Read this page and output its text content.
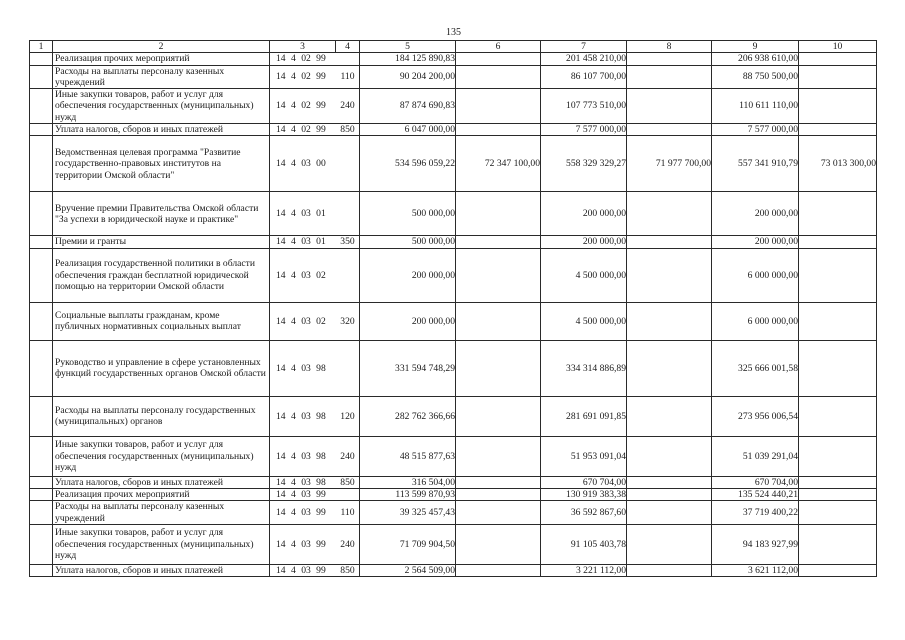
135
1	2	3	4	5	6	7	8	9	10
	Реализация прочих мероприятий	14 4 02 99		184 125 890,83		201 458 210,00		206 938 610,00	
	Расходы на выплаты персоналу казенных учреждений	14 4 02 99	110	90 204 200,00		86 107 700,00		88 750 500,00	
	Иные закупки товаров, работ и услуг для обеспечения государственных (муниципальных) нужд	14 4 02 99	240	87 874 690,83		107 773 510,00		110 611 110,00	
	Уплата налогов, сборов и иных платежей	14 4 02 99	850	6 047 000,00		7 577 000,00		7 577 000,00	
	Ведомственная целевая программа "Развитие государственно-правовых институтов на территории Омской области"	14 4 03 00		534 596 059,22	72 347 100,00	558 329 329,27	71 977 700,00	557 341 910,79	73 013 300,00
	Вручение премии Правительства Омской области "За успехи в юридической науке и практике"	14 4 03 01		500 000,00		200 000,00		200 000,00	
	Премии и гранты	14 4 03 01	350	500 000,00		200 000,00		200 000,00	
	Реализация государственной политики в области обеспечения граждан бесплатной юридической помощью на территории Омской области	14 4 03 02		200 000,00		4 500 000,00		6 000 000,00	
	Социальные выплаты гражданам, кроме публичных нормативных социальных выплат	14 4 03 02	320	200 000,00		4 500 000,00		6 000 000,00	
	Руководство и управление в сфере установленных функций государственных органов Омской области	14 4 03 98		331 594 748,29		334 314 886,89		325 666 001,58	
	Расходы на выплаты персоналу государственных (муниципальных) органов	14 4 03 98	120	282 762 366,66		281 691 091,85		273 956 006,54	
	Иные закупки товаров, работ и услуг для обеспечения государственных (муниципальных) нужд	14 4 03 98	240	48 515 877,63		51 953 091,04		51 039 291,04	
	Уплата налогов, сборов и иных платежей	14 4 03 98	850	316 504,00		670 704,00		670 704,00	
	Реализация прочих мероприятий	14 4 03 99		113 599 870,93		130 919 383,38		135 524 440,21	
	Расходы на выплаты персоналу казенных учреждений	14 4 03 99	110	39 325 457,43		36 592 867,60		37 719 400,22	
	Иные закупки товаров, работ и услуг для обеспечения государственных (муниципальных) нужд	14 4 03 99	240	71 709 904,50		91 105 403,78		94 183 927,99	
	Уплата налогов, сборов и иных платежей	14 4 03 99	850	2 564 509,00		3 221 112,00		3 621 112,00	
